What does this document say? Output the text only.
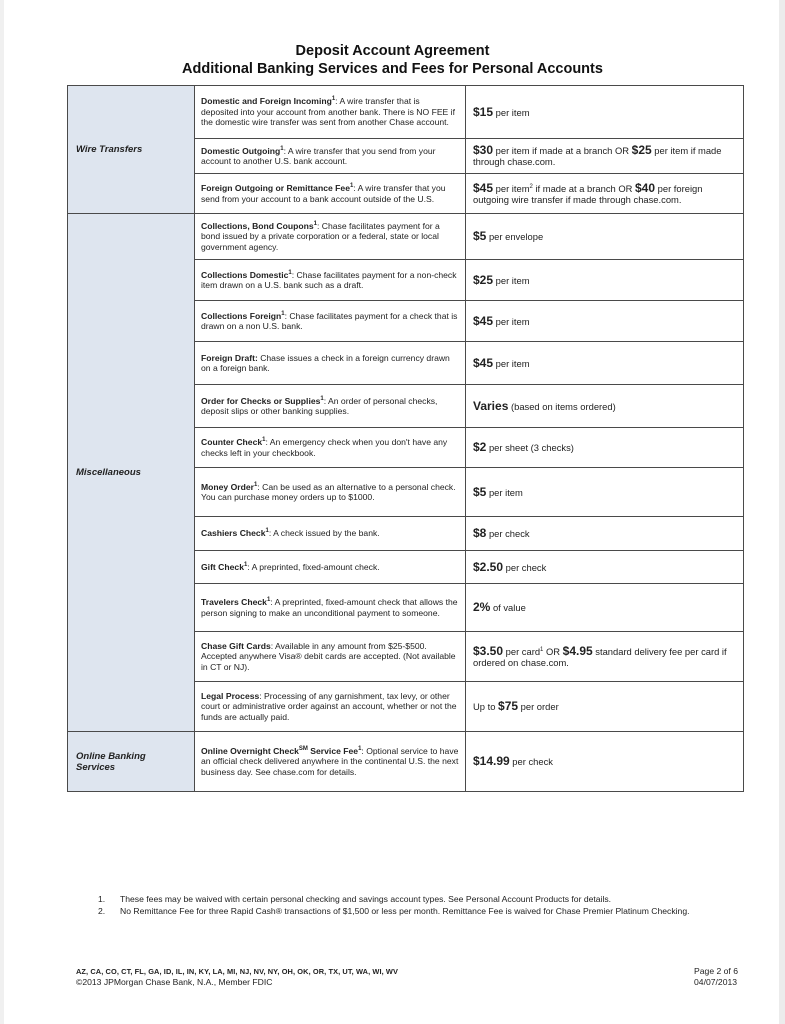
Deposit Account Agreement
Additional Banking Services and Fees for Personal Accounts
Wire Transfers	Domestic and Foreign Incoming$^1$: A wire transfer that is deposited into your account from another bank. There is NO FEE if the domestic wire transfer was sent from another Chase account.	$15 per item
	Domestic Outgoing$^1$: A wire transfer that you send from your account to another U.S. bank account.	$30 per item if made at a branch OR $25 per item if made through chase.com.
	Foreign Outgoing or Remittance Fee$^1$: A wire transfer that you send from your account to a bank account outside of the U.S.	$45 per item$^2$ if made at a branch OR $40 per foreign outgoing wire transfer if made through chase.com.
Miscellaneous	Collections, Bond Coupons$^1$: Chase facilitates payment for a bond issued by a private corporation or a federal, state or local government agency.	$5 per envelope
	Collections Domestic$^1$: Chase facilitates payment for a non-check item drawn on a U.S. bank such as a draft.	$25 per item
	Collections Foreign$^1$: Chase facilitates payment for a check that is drawn on a non U.S. bank.	$45 per item
	Foreign Draft: Chase issues a check in a foreign currency drawn on a foreign bank.	$45 per item
	Order for Checks or Supplies$^1$: An order of personal checks, deposit slips or other banking supplies.	Varies (based on items ordered)
	Counter Check$^1$: An emergency check when you don't have any checks left in your checkbook.	$2 per sheet (3 checks)
	Money Order$^1$: Can be used as an alternative to a personal check. You can purchase money orders up to $1000.	$5 per item
	Cashiers Check$^1$: A check issued by the bank.	$8 per check
	Gift Check$^1$: A preprinted, fixed-amount check.	$2.50 per check
	Travelers Check$^1$: A preprinted, fixed-amount check that allows the person signing to make an unconditional payment to someone.	2% of value
	Chase Gift Cards: Available in any amount from $25-$500. Accepted anywhere Visa® debit cards are accepted. (Not available in CT or NJ).	$3.50 per card$^1$ OR $4.95 standard delivery fee per card if ordered on chase.com.
	Legal Process: Processing of any garnishment, tax levy, or other court or administrative order against an account, whether or not the funds are actually paid.	Up to $75 per order
Online Banking Services	Online Overnight Check℠ Service Fee$^1$: Optional service to have an official check delivered anywhere in the continental U.S. the next business day. See chase.com for details.	$14.99 per check
1.	These fees may be waived with certain personal checking and savings account types. See Personal Account Products for details.
2.	No Remittance Fee for three Rapid Cash® transactions of $1,500 or less per month. Remittance Fee is waived for Chase Premier Platinum Checking.
AZ, CA, CO, CT, FL, GA, ID, IL, IN, KY, LA, MI, NJ, NV, NY, OH, OK, OR, TX, UT, WA, WI, WV
©2013 JPMorgan Chase Bank, N.A., Member FDIC
Page 2 of 6
04/07/2013
